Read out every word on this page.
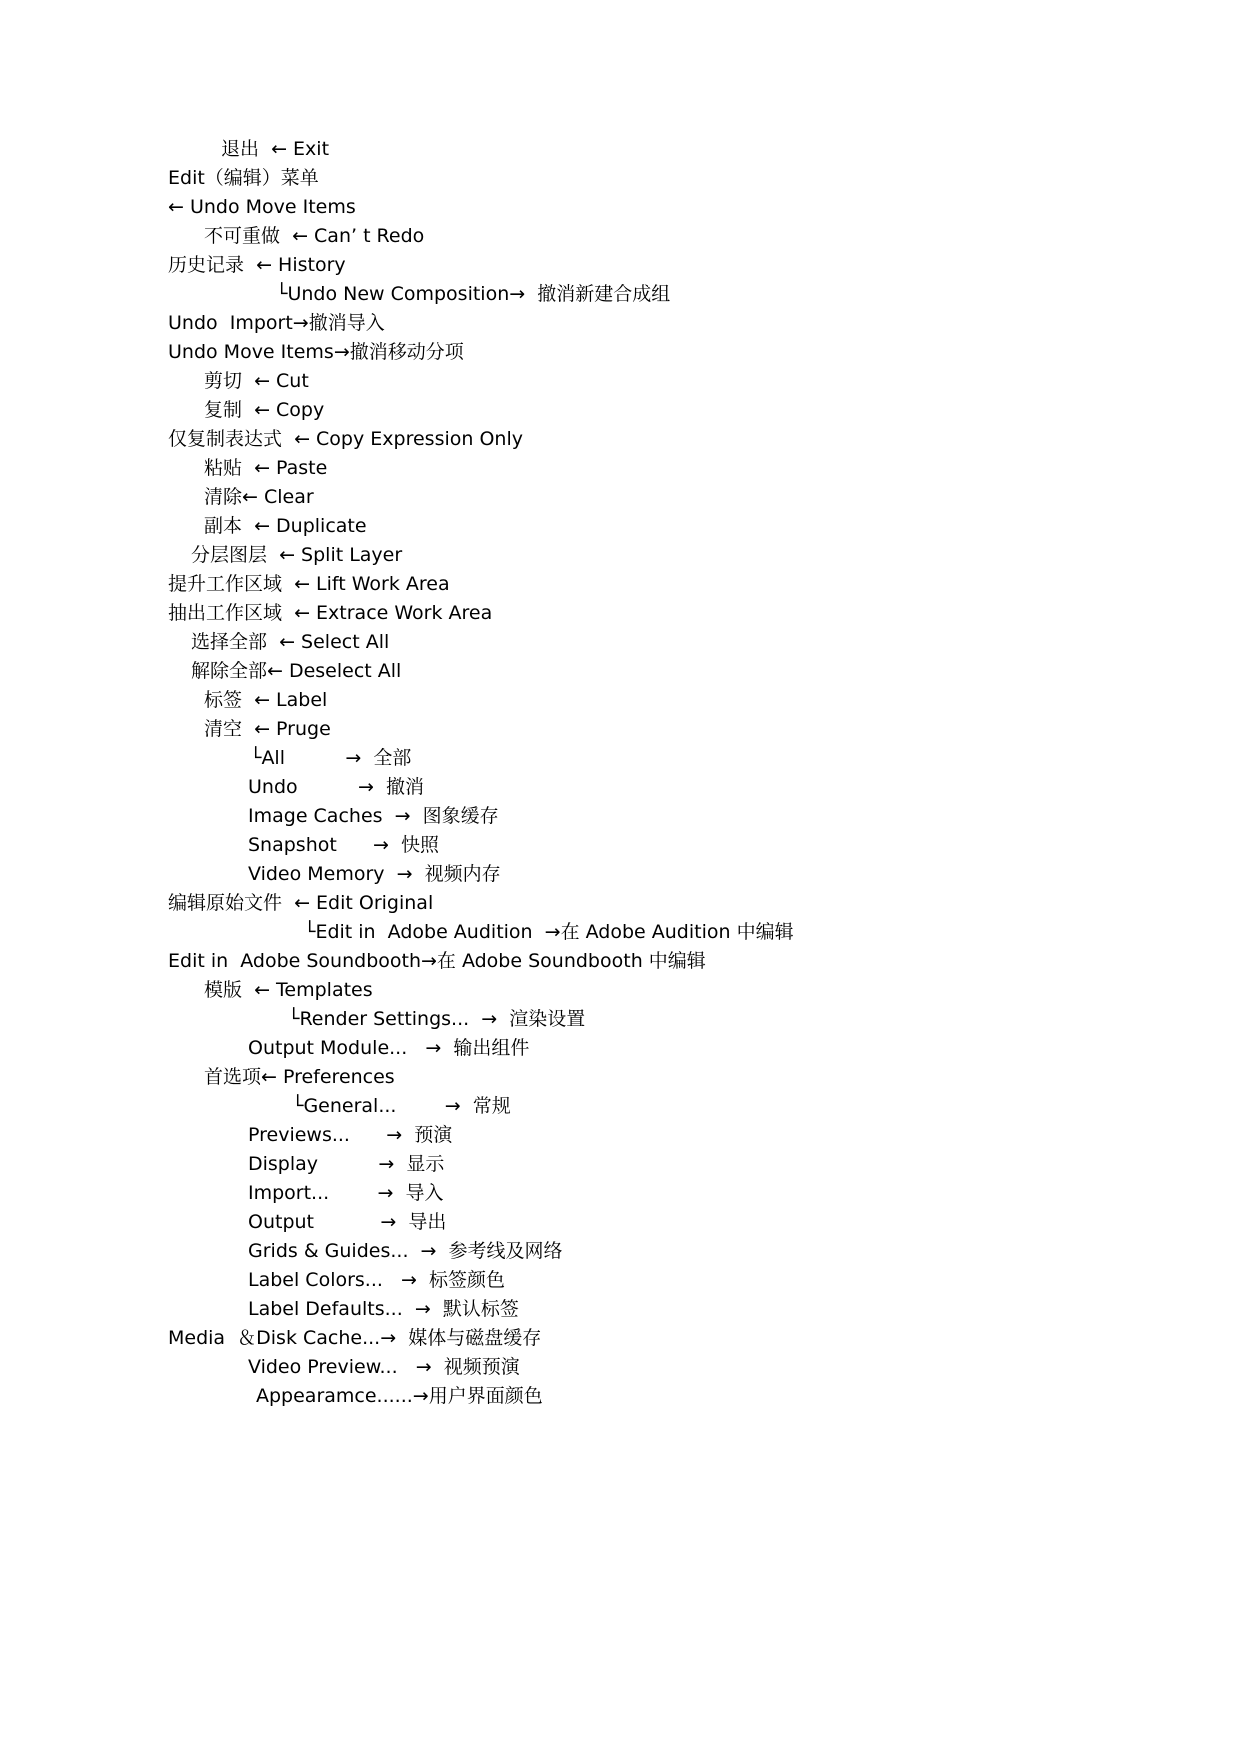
退出  ← Exit
Edit（编辑）菜单
← Undo Move Items
不可重做  ← Can’ t Redo
历史记录  ← History
└Undo New Composition→  撤消新建合成组
Undo  Import→撤消导入
Undo Move Items→撤消移动分项
剪切  ← Cut
复制  ← Copy
仅复制表达式  ← Copy Expression Only
粘贴  ← Paste
清除← Clear
副本  ← Duplicate
分层图层  ← Split Layer
提升工作区域  ← Lift Work Area
抽出工作区域  ← Extrace Work Area
选择全部  ← Select All
解除全部← Deselect All
标签  ← Label
清空  ← Pruge
└All          →  全部
Undo          →  撤消
Image Caches  →  图象缓存
Snapshot      →  快照
Video Memory  →  视频内存
编辑原始文件  ← Edit Original
└Edit in  Adobe Audition  →在 Adobe Audition 中编辑
Edit in  Adobe Soundbooth→在 Adobe Soundbooth 中编辑
模版  ← Templates
└Render Settings...  →  渲染设置
Output Module...   →  输出组件
首选项← Preferences
└General...        →  常规
Previews...      →  预演
Display          →  显示
Import...        →  导入
Output           →  导出
Grids & Guides...  →  参考线及网络
Label Colors...   →  标签颜色
Label Defaults...  →  默认标签
Media  ＆Disk Cache...→  媒体与磁盘缓存
Video Preview...   →  视频预演
Appearamce......→用户界面颜色
